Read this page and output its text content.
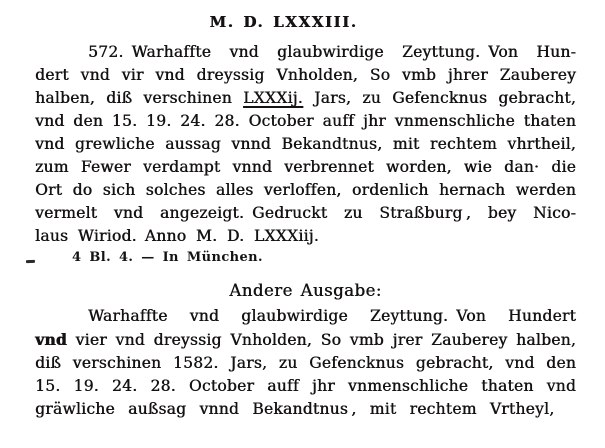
M. D. LXXXIII.
572. Warhaffte vnd glaubwirdige Zeyttung. Von Hun-
dert vnd vir vnd dreyssig Vnholden, So vmb jhrer Zauberey
halben, diß verschinen LXXXij. Jars, zu Gefencknus gebracht,
vnd den 15. 19. 24. 28. October auff jhr vnmenschliche thaten
vnd grewliche aussag vnnd Bekandtnus, mit rechtem vhrtheil,
zum Fewer verdampt vnnd verbrennet worden, wie dan· die
Ort do sich solches alles verloffen, ordenlich hernach werden
vermelt vnd angezeigt. Gedruckt zu Straßburg , bey Nico-
laus Wiriod. Anno M. D. LXXXiij.
4 Bl. 4. — In München.
Andere Ausgabe:
Warhaffte vnd glaubwirdige Zeyttung. Von Hundert
vnd vier vnd dreyssig Vnholden, So vmb jrer Zauberey halben,
diß verschinen 1582. Jars, zu Gefencknus gebracht, vnd den
15. 19. 24. 28. October auff jhr vnmenschliche thaten vnd
gräwliche außsag vnnd Bekandtnus , mit rechtem Vrtheyl,
